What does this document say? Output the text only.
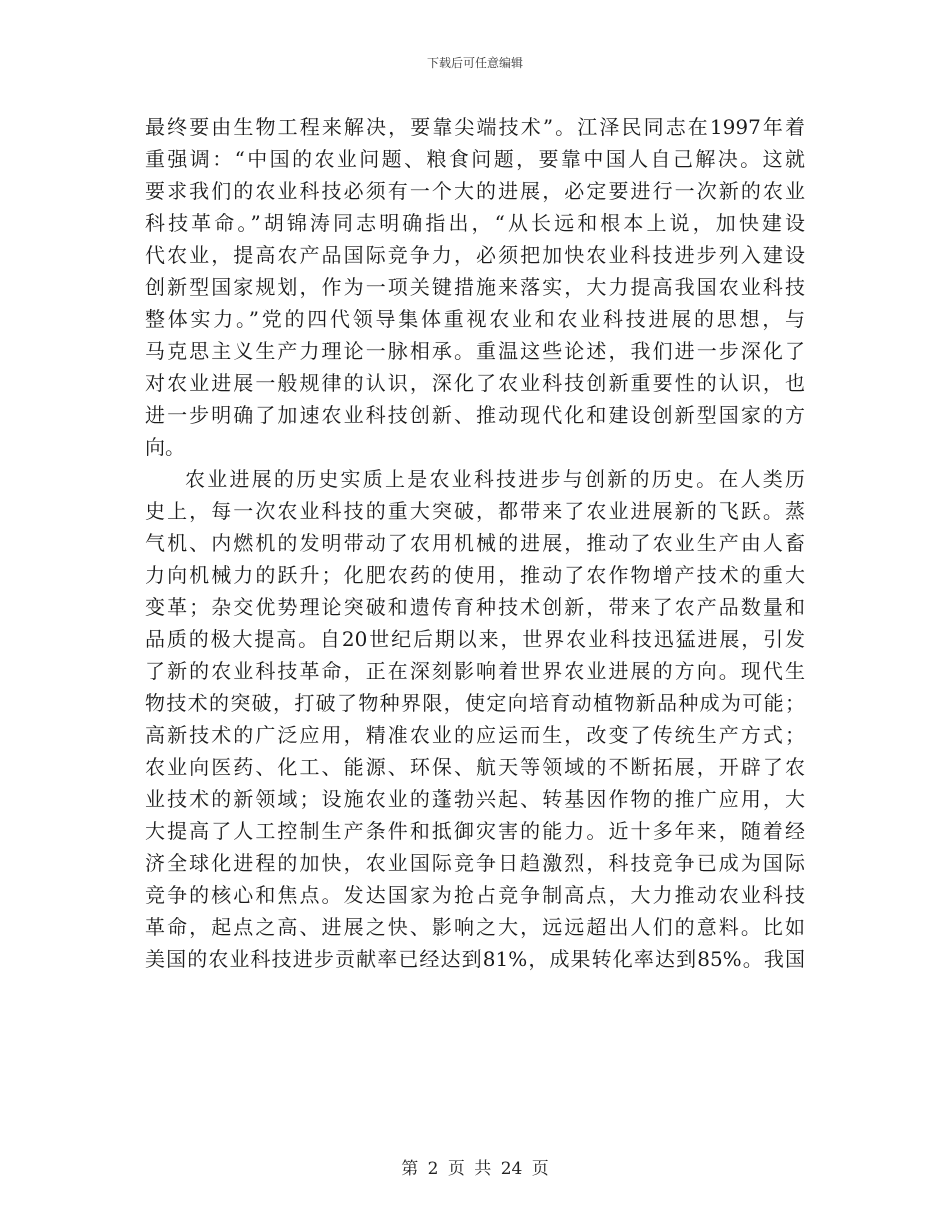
下载后可任意编辑
最终要由生物工程来解决，要靠尖端技术”。江泽民同志在1997年着
重强调：“中国的农业问题、粮食问题，要靠中国人自己解决。这就
要求我们的农业科技必须有一个大的进展，必定要进行一次新的农业
科技革命。”胡锦涛同志明确指出，“从长远和根本上说，加快建设
代农业，提高农产品国际竞争力，必须把加快农业科技进步列入建设
创新型国家规划，作为一项关键措施来落实，大力提高我国农业科技
整体实力。”党的四代领导集体重视农业和农业科技进展的思想，与
马克思主义生产力理论一脉相承。重温这些论述，我们进一步深化了
对农业进展一般规律的认识，深化了农业科技创新重要性的认识，也
进一步明确了加速农业科技创新、推动现代化和建设创新型国家的方
向。
农业进展的历史实质上是农业科技进步与创新的历史。在人类历
史上，每一次农业科技的重大突破，都带来了农业进展新的飞跃。蒸
气机、内燃机的发明带动了农用机械的进展，推动了农业生产由人畜
力向机械力的跃升；化肥农药的使用，推动了农作物增产技术的重大
变革；杂交优势理论突破和遗传育种技术创新，带来了农产品数量和
品质的极大提高。自20世纪后期以来，世界农业科技迅猛进展，引发
了新的农业科技革命，正在深刻影响着世界农业进展的方向。现代生
物技术的突破，打破了物种界限，使定向培育动植物新品种成为可能；
高新技术的广泛应用，精准农业的应运而生，改变了传统生产方式；
农业向医药、化工、能源、环保、航天等领域的不断拓展，开辟了农
业技术的新领域；设施农业的蓬勃兴起、转基因作物的推广应用，大
大提高了人工控制生产条件和抵御灾害的能力。近十多年来，随着经
济全球化进程的加快，农业国际竞争日趋激烈，科技竞争已成为国际
竞争的核心和焦点。发达国家为抢占竞争制高点，大力推动农业科技
革命，起点之高、进展之快、影响之大，远远超出人们的意料。比如
美国的农业科技进步贡献率已经达到81%，成果转化率达到85%。我国
第 2 页 共 24 页
